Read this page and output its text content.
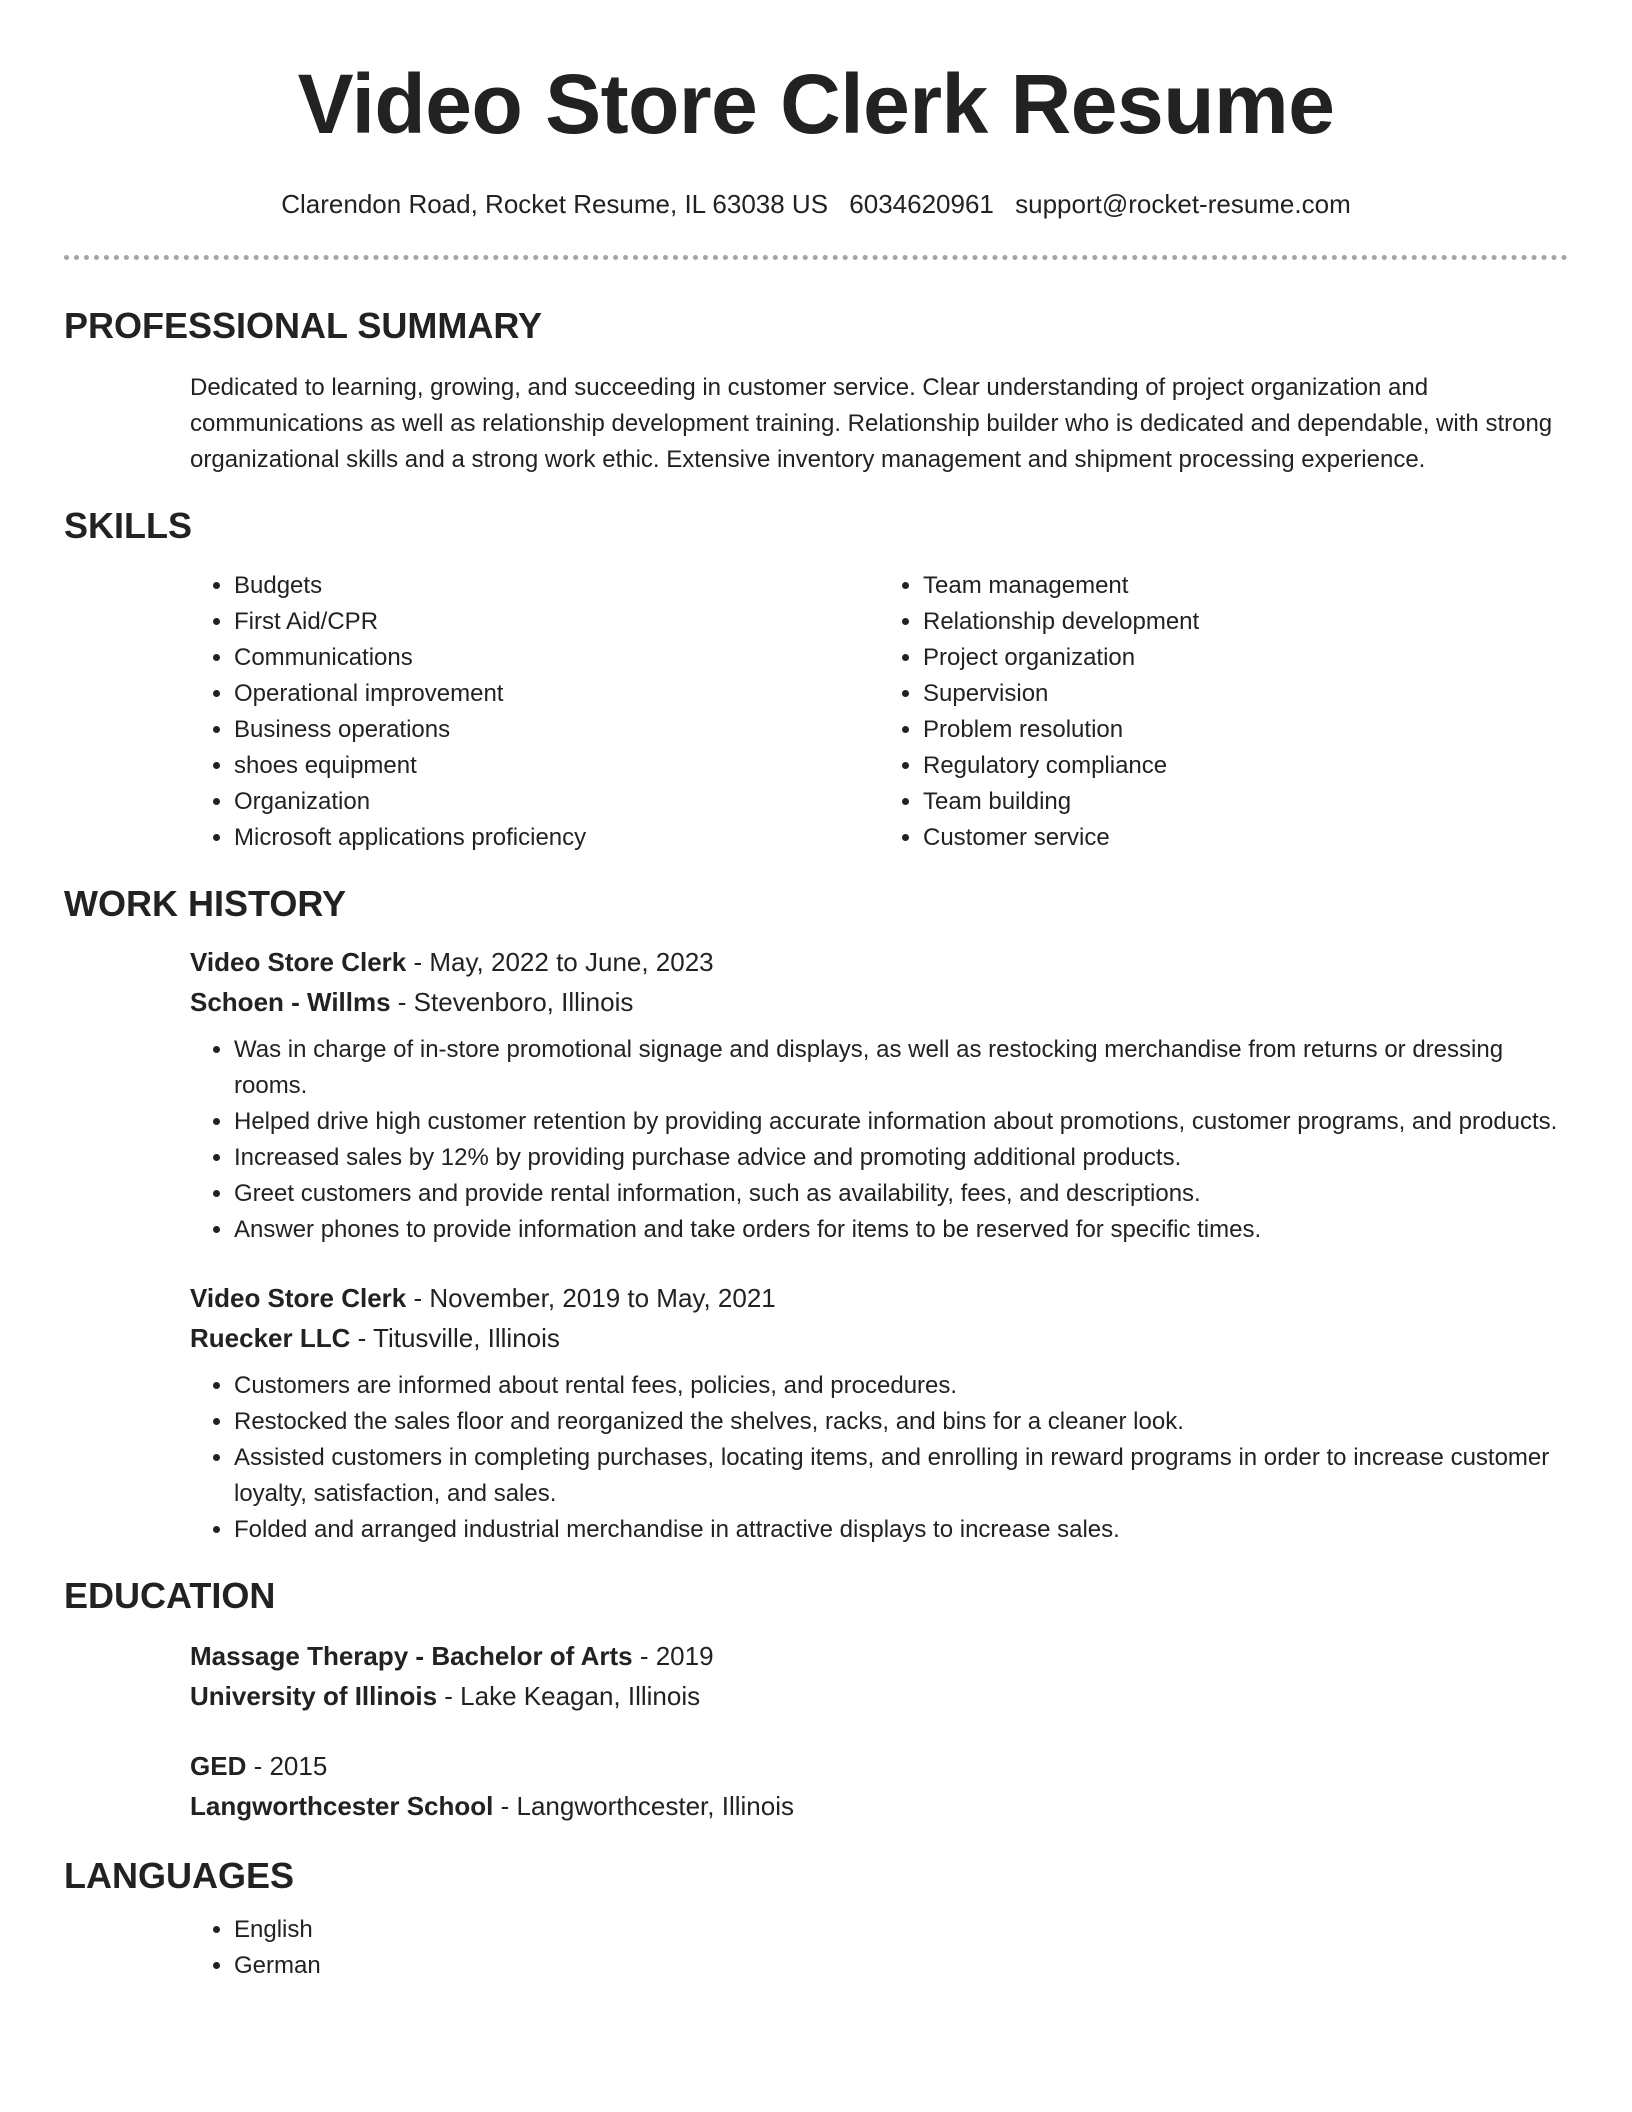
Video Store Clerk Resume
Clarendon Road, Rocket Resume, IL 63038 US 6034620961 support@rocket-resume.com
PROFESSIONAL SUMMARY

Dedicated to learning, growing, and succeeding in customer service. Clear understanding of project organization and communications as well as relationship development training. Relationship builder who is dedicated and dependable, with strong organizational skills and a strong work ethic. Extensive inventory management and shipment processing experience.

SKILLS
• Budgets
• First Aid/CPR
• Communications
• Operational improvement
• Business operations
• shoes equipment
• Organization
• Microsoft applications proficiency
• Team management
• Relationship development
• Project organization
• Supervision
• Problem resolution
• Regulatory compliance
• Team building
• Customer service
WORK HISTORY
Video Store Clerk - May, 2022 to June, 2023
Schoen - Willms - Stevenboro, Illinois
• Was in charge of in-store promotional signage and displays, as well as restocking merchandise from returns or dressing rooms.
• Helped drive high customer retention by providing accurate information about promotions, customer programs, and products.
• Increased sales by 12% by providing purchase advice and promoting additional products.
• Greet customers and provide rental information, such as availability, fees, and descriptions.
• Answer phones to provide information and take orders for items to be reserved for specific times.
Video Store Clerk - November, 2019 to May, 2021
Ruecker LLC - Titusville, Illinois
• Customers are informed about rental fees, policies, and procedures.
• Restocked the sales floor and reorganized the shelves, racks, and bins for a cleaner look.
• Assisted customers in completing purchases, locating items, and enrolling in reward programs in order to increase customer loyalty, satisfaction, and sales.
• Folded and arranged industrial merchandise in attractive displays to increase sales.
EDUCATION
Massage Therapy - Bachelor of Arts - 2019
University of Illinois - Lake Keagan, Illinois
GED - 2015
Langworthcester School - Langworthcester, Illinois
LANGUAGES
• English
• German
